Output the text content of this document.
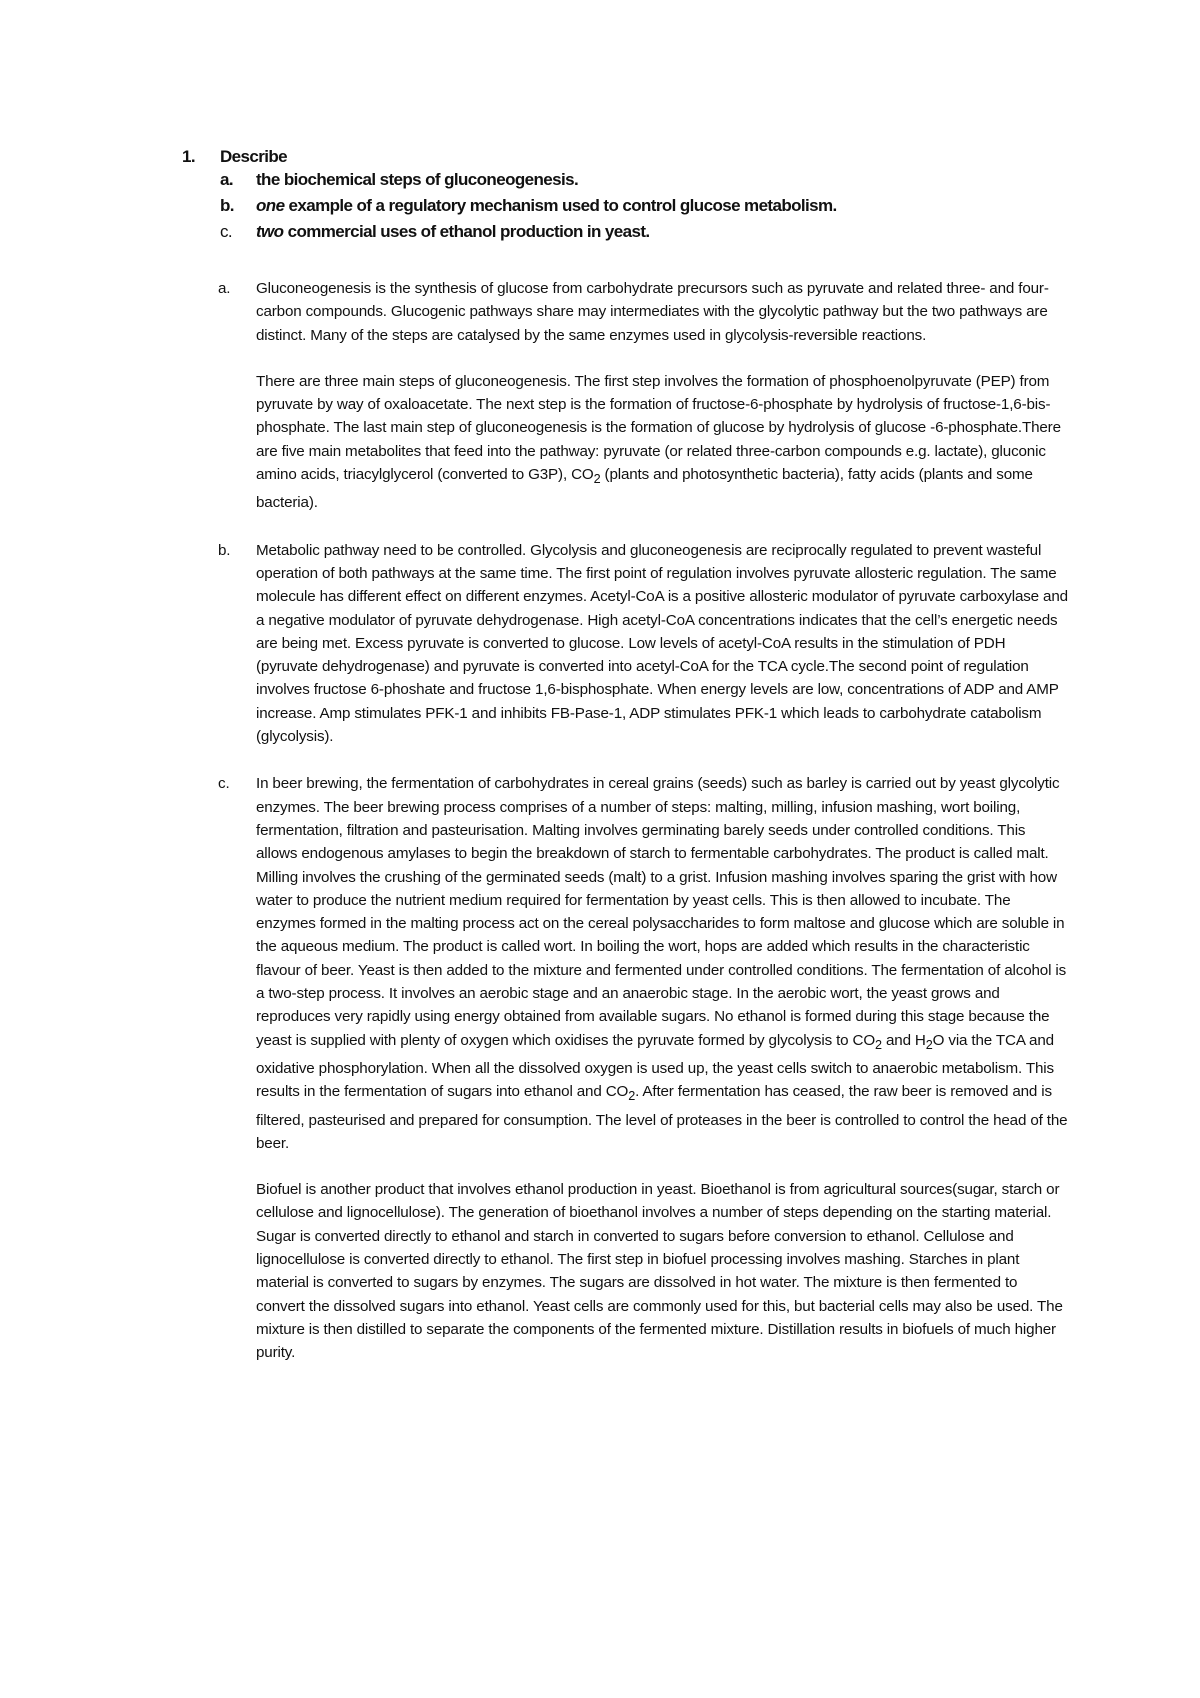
1.	Describe
a.	the biochemical steps of gluconeogenesis.
b.	one example of a regulatory mechanism used to control glucose metabolism.
c.	two commercial uses of ethanol production in yeast.
a.	Gluconeogenesis is the synthesis of glucose from carbohydrate precursors such as pyruvate and related three- and four-carbon compounds. Glucogenic pathways share may intermediates with the glycolytic pathway but the two pathways are distinct. Many of the steps are catalysed by the same enzymes used in glycolysis-reversible reactions.

There are three main steps of gluconeogenesis. The first step involves the formation of phosphoenolpyruvate (PEP) from pyruvate by way of oxaloacetate. The next step is the formation of fructose-6-phosphate by hydrolysis of fructose-1,6-bis-phosphate. The last main step of gluconeogenesis is the formation of glucose by hydrolysis of glucose -6-phosphate.There are five main metabolites that feed into the pathway: pyruvate (or related three-carbon compounds e.g. lactate), gluconic amino acids, triacylglycerol (converted to G3P), $CO_2$ (plants and photosynthetic bacteria), fatty acids (plants and some bacteria).

b.	Metabolic pathway need to be controlled. Glycolysis and gluconeogenesis are reciprocally regulated to prevent wasteful operation of both pathways at the same time. The first point of regulation involves pyruvate allosteric regulation. The same molecule has different effect on different enzymes. Acetyl-CoA is a positive allosteric modulator of pyruvate carboxylase and a negative modulator of pyruvate dehydrogenase. High acetyl-CoA concentrations indicates that the cell’s energetic needs are being met. Excess pyruvate is converted to glucose. Low levels of acetyl-CoA results in the stimulation of PDH (pyruvate dehydrogenase) and pyruvate is converted into acetyl-CoA for the TCA cycle.The second point of regulation involves fructose 6-phoshate and fructose 1,6-bisphosphate. When energy levels are low, concentrations of ADP and AMP increase. Amp stimulates PFK-1 and inhibits FB-Pase-1, ADP stimulates PFK-1 which leads to carbohydrate catabolism (glycolysis).

c.	In beer brewing, the fermentation of carbohydrates in cereal grains (seeds) such as barley is carried out by yeast glycolytic enzymes. The beer brewing process comprises of a number of steps: malting, milling, infusion mashing, wort boiling, fermentation, filtration and pasteurisation. Malting involves germinating barely seeds under controlled conditions. This allows endogenous amylases to begin the breakdown of starch to fermentable carbohydrates. The product is called malt. Milling involves the crushing of the germinated seeds (malt) to a grist. Infusion mashing involves sparing the grist with how water to produce the nutrient medium required for fermentation by yeast cells. This is then allowed to incubate. The enzymes formed in the malting process act on the cereal polysaccharides to form maltose and glucose which are soluble in the aqueous medium. The product is called wort. In boiling the wort, hops are added which results in the characteristic flavour of beer. Yeast is then added to the mixture and fermented under controlled conditions. The fermentation of alcohol is a two-step process. It involves an aerobic stage and an anaerobic stage. In the aerobic wort, the yeast grows and reproduces very rapidly using energy obtained from available sugars. No ethanol is formed during this stage because the yeast is supplied with plenty of oxygen which oxidises the pyruvate formed by glycolysis to $CO_2$ and $H_2O$ via the TCA and oxidative phosphorylation. When all the dissolved oxygen is used up, the yeast cells switch to anaerobic metabolism. This results in the fermentation of sugars into ethanol and $CO_2$. After fermentation has ceased, the raw beer is removed and is filtered, pasteurised and prepared for consumption. The level of proteases in the beer is controlled to control the head of the beer.

Biofuel is another product that involves ethanol production in yeast. Bioethanol is from agricultural sources(sugar, starch or cellulose and lignocellulose). The generation of bioethanol involves a number of steps depending on the starting material. Sugar is converted directly to ethanol and starch in converted to sugars before conversion to ethanol. Cellulose and lignocellulose is converted directly to ethanol. The first step in biofuel processing involves mashing. Starches in plant material is converted to sugars by enzymes. The sugars are dissolved in hot water. The mixture is then fermented to convert the dissolved sugars into ethanol. Yeast cells are commonly used for this, but bacterial cells may also be used. The mixture is then distilled to separate the components of the fermented mixture. Distillation results in biofuels of much higher purity.
